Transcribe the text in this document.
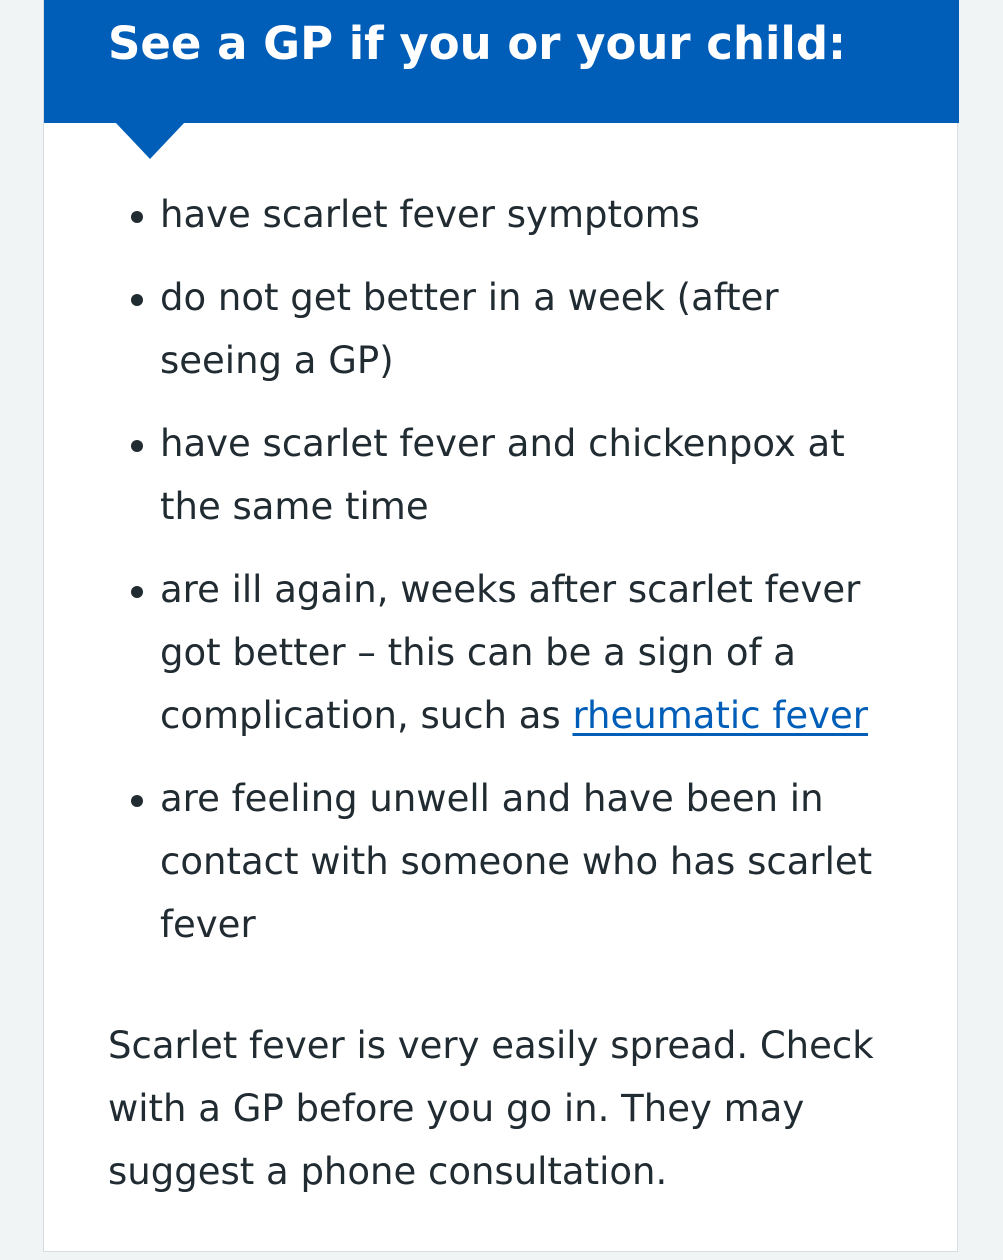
See a GP if you or your child:
have scarlet fever symptoms
do not get better in a week (after seeing a GP)
have scarlet fever and chickenpox at the same time
are ill again, weeks after scarlet fever got better – this can be a sign of a complication, such as rheumatic fever
are feeling unwell and have been in contact with someone who has scarlet fever

Scarlet fever is very easily spread. Check with a GP before you go in. They may suggest a phone consultation.
